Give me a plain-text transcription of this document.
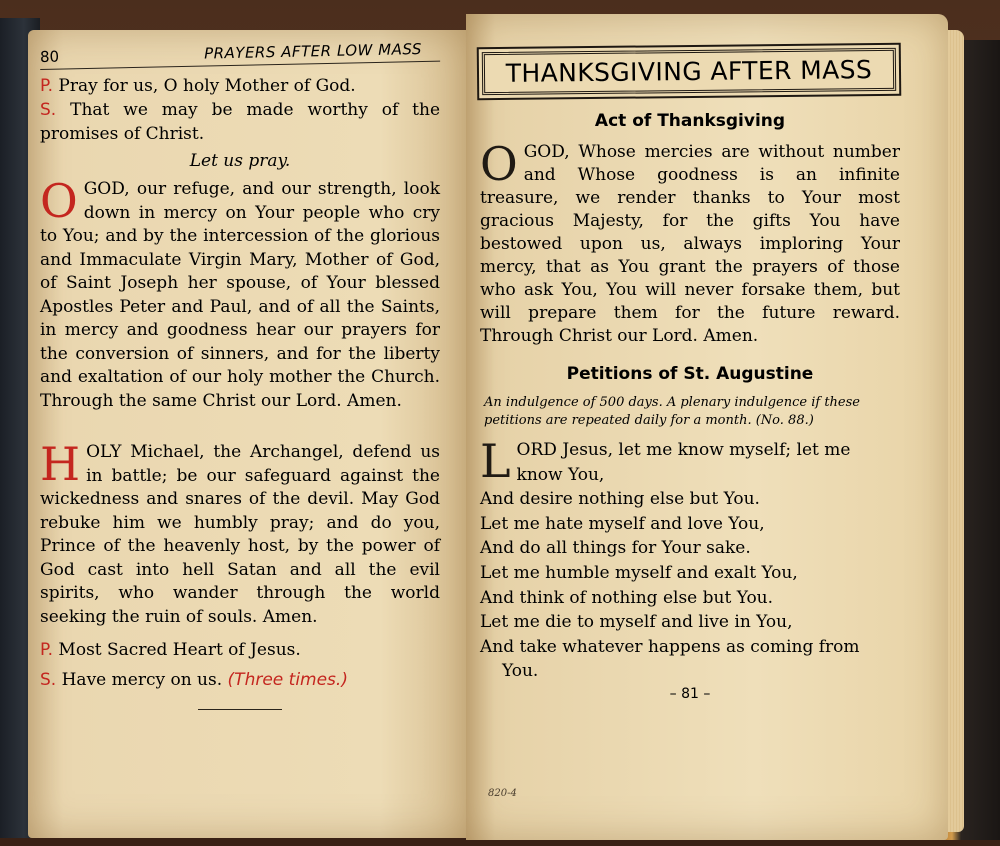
80	PRAYERS AFTER LOW MASS

P. Pray for us, O holy Mother of God.

S. That we may be made worthy of the promises of Christ.

Let us pray.

O GOD, our refuge, and our strength, look down in mercy on Your people who cry to You; and by the intercession of the glorious and Immaculate Virgin Mary, Mother of God, of Saint Joseph her spouse, of Your blessed Apostles Peter and Paul, and of all the Saints, in mercy and goodness hear our prayers for the conversion of sinners, and for the liberty and exaltation of our holy mother the Church. Through the same Christ our Lord. Amen.

H OLY Michael, the Archangel, defend us in battle; be our safeguard against the wickedness and snares of the devil. May God rebuke him we humbly pray; and do you, Prince of the heavenly host, by the power of God cast into hell Satan and all the evil spirits, who wander through the world seeking the ruin of souls. Amen.

P. Most Sacred Heart of Jesus.

S. Have mercy on us. (Three times.)

THANKSGIVING AFTER MASS
Act of Thanksgiving

O GOD, Whose mercies are without number and Whose goodness is an infinite treasure, we render thanks to Your most gracious Majesty, for the gifts You have bestowed upon us, always imploring Your mercy, that as You grant the prayers of those who ask You, You will never forsake them, but will prepare them for the future reward. Through Christ our Lord. Amen.

Petitions of St. Augustine

An indulgence of 500 days. A plenary indulgence if these petitions are repeated daily for a month. (No. 88.)

L ORD Jesus, let me know myself; let me

know You,

And desire nothing else but You.

Let me hate myself and love You,

And do all things for Your sake.

Let me humble myself and exalt You,

And think of nothing else but You.

Let me die to myself and live in You,

And take whatever happens as coming from

You.

– 81 –
820-4
